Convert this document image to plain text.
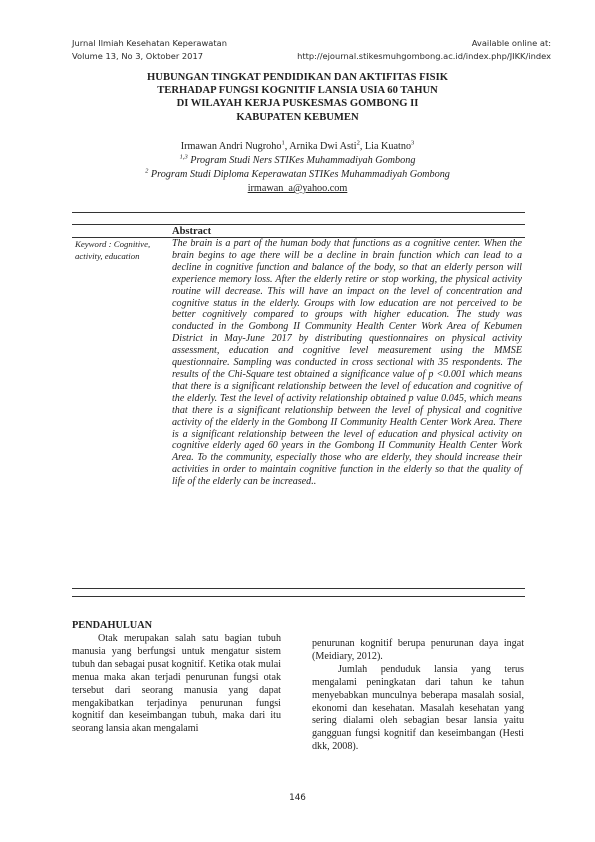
Jurnal Ilmiah Kesehatan Keperawatan
Volume 13, No 3, Oktober 2017
Available online at:
http://ejournal.stikesmuhgombong.ac.id/index.php/JIKK/index
HUBUNGAN TINGKAT PENDIDIKAN DAN AKTIFITAS FISIK
TERHADAP FUNGSI KOGNITIF LANSIA USIA 60 TAHUN
DI WILAYAH KERJA PUSKESMAS GOMBONG II
KABUPATEN KEBUMEN
Irmawan Andri Nugroho$^1$, Arnika Dwi Asti$^2$, Lia Kuatno$^3$
$^{1,3}$ Program Studi Ners STIKes Muhammadiyah Gombong
$^2$ Program Studi Diploma Keperawatan STIKes Muhammadiyah Gombong
irmawan_a@yahoo.com
Abstract
Keyword : Cognitive, activity, education
The brain is a part of the human body that functions as a cognitive center. When the brain begins to age there will be a decline in brain function which can lead to a decline in cognitive function and balance of the body, so that an elderly person will experience memory loss. After the elderly retire or stop working, the physical activity routine will decrease. This will have an impact on the level of concentration and cognitive status in the elderly. Groups with low education are not perceived to be better cognitively compared to groups with higher education. The study was conducted in the Gombong II Community Health Center Work Area of Kebumen District in May-June 2017 by distributing questionnaires on physical activity assessment, education and cognitive level measurement using the MMSE questionnaire. Sampling was conducted in cross sectional with 35 respondents. The results of the Chi-Square test obtained a significance value of p <0.001 which means that there is a significant relationship between the level of education and cognitive of the elderly. Test the level of activity relationship obtained p value 0.045, which means that there is a significant relationship between the level of physical and cognitive activity of the elderly in the Gombong II Community Health Center Work Area. There is a significant relationship between the level of education and physical activity on cognitive elderly aged 60 years in the Gombong II Community Health Center Work Area. To the community, especially those who are elderly, they should increase their activities in order to maintain cognitive function in the elderly so that the quality of life of the elderly can be increased..
PENDAHULUAN

Otak merupakan salah satu bagian tubuh manusia yang berfungsi untuk mengatur sistem tubuh dan sebagai pusat kognitif. Ketika otak mulai menua maka akan terjadi penurunan fungsi otak tersebut dari seorang manusia yang dapat mengakibatkan terjadinya penurunan fungsi kognitif dan keseimbangan tubuh, maka dari itu seorang lansia akan mengalami

penurunan kognitif berupa penurunan daya ingat (Meidiary, 2012).

Jumlah penduduk lansia yang terus mengalami peningkatan dari tahun ke tahun menyebabkan munculnya beberapa masalah sosial, ekonomi dan kesehatan. Masalah kesehatan yang sering dialami oleh sebagian besar lansia yaitu gangguan fungsi kognitif dan keseimbangan (Hesti dkk, 2008).

146
